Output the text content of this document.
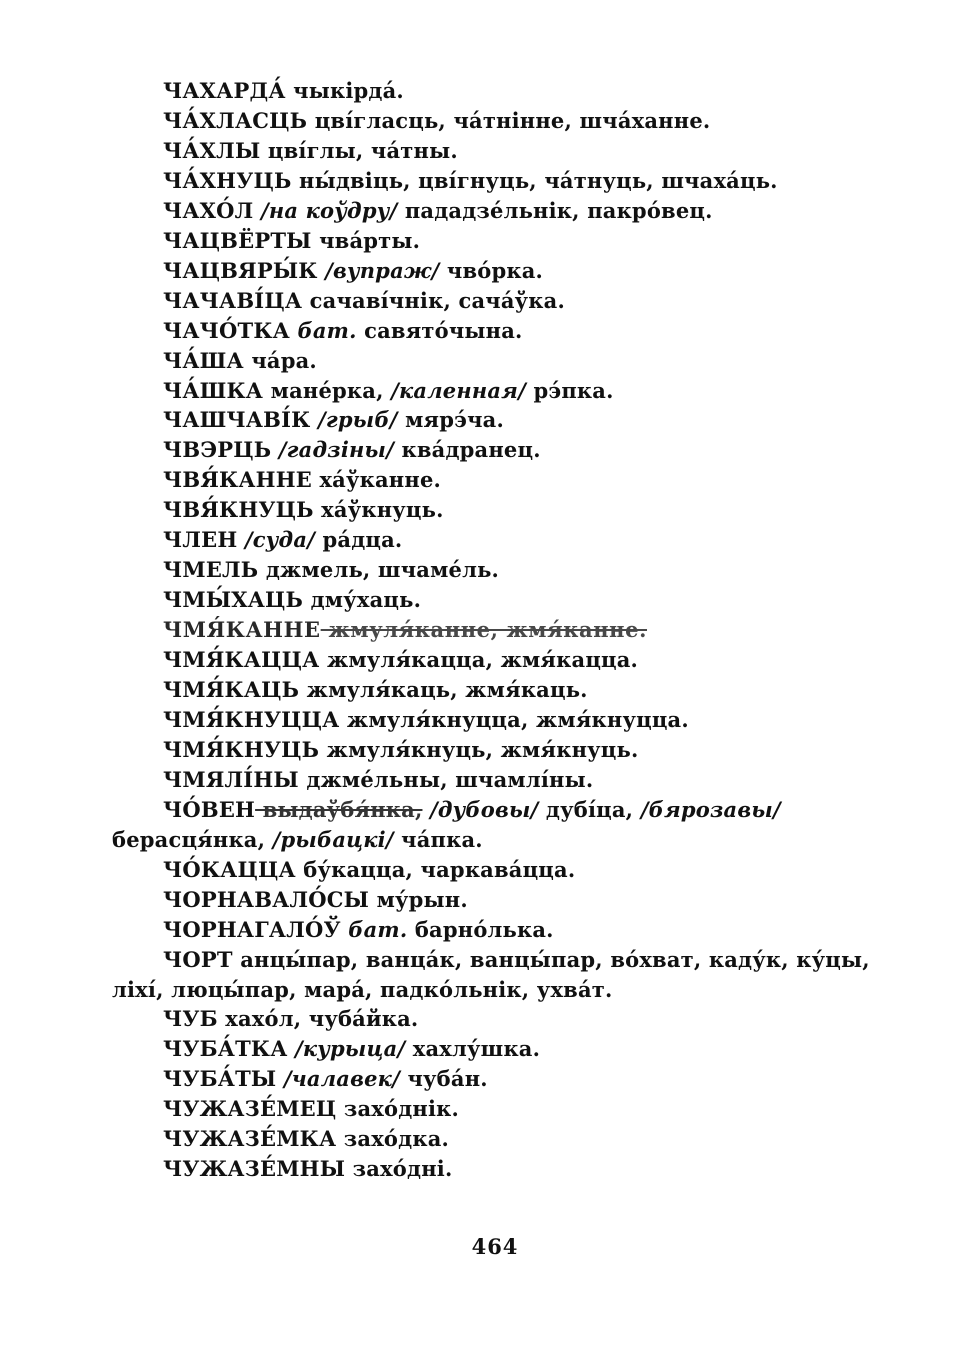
ЧАХАРДА́ чыкірда́.
ЧА́ХЛАСЦЬ цві́гласць, ча́тнінне, шча́ханне.
ЧА́ХЛЫ цві́глы, ча́тны.
ЧА́ХНУЦЬ ны́двіць, цві́гнуць, ча́тнуць, шчаха́ць.
ЧАХО́Л /на коўдру/ пададзе́льнік, пакро́вец.
ЧАЦВЁРТЫ чва́рты.
ЧАЦВЯРЫ́К /вупраж/ чво́рка.
ЧАЧАВІ́ЦА сачаві́чнік, сача́ўка.
ЧАЧО́ТКА бат. савято́чына.
ЧА́ША ча́ра.
ЧА́ШКА мане́рка, /каленная/ рэ́пка.
ЧАШЧАВІ́К /грыб/ мярэ́ча.
ЧВЭРЦЬ /гадзіны/ ква́дранец.
ЧВЯ́КАННЕ ха́ўканне.
ЧВЯ́КНУЦЬ ха́ўкнуць.
ЧЛЕН /суда/ ра́дца.
ЧМЕЛЬ джмель, шчаме́ль.
ЧМЫ́ХАЦЬ дму́хаць.
ЧМЯ́КАННЕ жмуля́канне, жмя́канне.
ЧМЯ́КАЦЦА жмуля́кацца, жмя́кацца.
ЧМЯ́КАЦЬ жмуля́каць, жмя́каць.
ЧМЯ́КНУЦЦА жмуля́кнуцца, жмя́кнуцца.
ЧМЯ́КНУЦЬ жмуля́кнуць, жмя́кнуць.
ЧМЯЛІ́НЫ джме́льны, шчамлі́ны.
ЧО́ВЕН выдаўбя́нка, /дубовы/ дубі́ца, /бярозавы/
берасця́нка, /рыбацкі/ ча́пка.
ЧО́КАЦЦА бу́кацца, чаркава́цца.
ЧОРНАВАЛО́СЫ му́рын.
ЧОРНАГАЛО́Ў бат. барно́лька.
ЧОРТ анцы́пар, ванца́к, ванцы́пар, во́хват, каду́к, ку́цы,
ліхі́, люцы́пар, мара́, падко́льнік, ухва́т.
ЧУБ хахо́л, чуба́йка.
ЧУБА́ТКА /курыца/ хахлу́шка.
ЧУБА́ТЫ /чалавек/ чуба́н.
ЧУЖАЗЕ́МЕЦ захо́днік.
ЧУЖАЗЕ́МКА захо́дка.
ЧУЖАЗЕ́МНЫ захо́дні.
464
